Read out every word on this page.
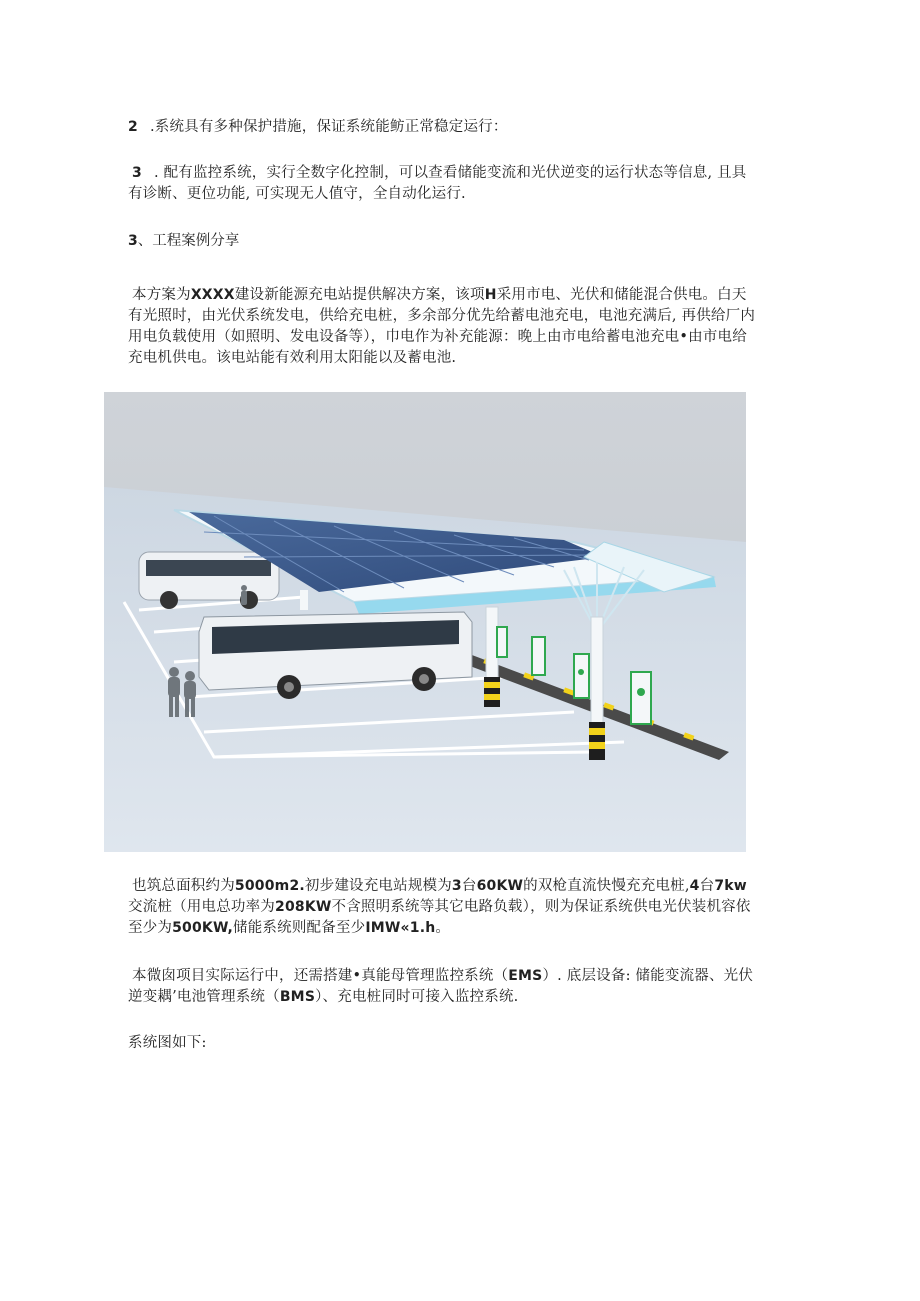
2 .系统具有多种保护措施，保证系统能鲂正常稳定运行：
3 . 配有监控系统，实行全数字化控制，可以查看储能变流和光伏逆变的运行状态等信息, 且具有诊断、更位功能, 可实现无人值守，全自动化运行.
3、工程案例分享
本方案为XXXX建设新能源充电站提供解决方案，该项H采用市电、光伏和储能混合供电。白天有光照时，由光伏系统发电，供给充电桩，多余部分优先给蓄电池充电，电池充满后, 再供给厂内用电负载使用（如照明、发电设备等），巾电作为补充能源：晚上由市电给蓄电池充电•由市电给充电机供电。该电站能有效利用太阳能以及蓄电池.
也筑总面积约为5000m2.初步建设充电站规模为3台60KW的双枪直流快慢充充电桩,4台7kw交流桩（用电总功率为208KW不含照明系统等其它电路负载），则为保证系统供电光伏装机容依至少为500KW,储能系统则配备至少IMW«1.h。
本微囱项目实际运行中，还需搭建•真能母管理监控系统（EMS）. 底层设备: 储能变流器、光伏逆变耦’电池管理系统（BMS）、充电桩同时可接入监控系统.
系统图如下:
